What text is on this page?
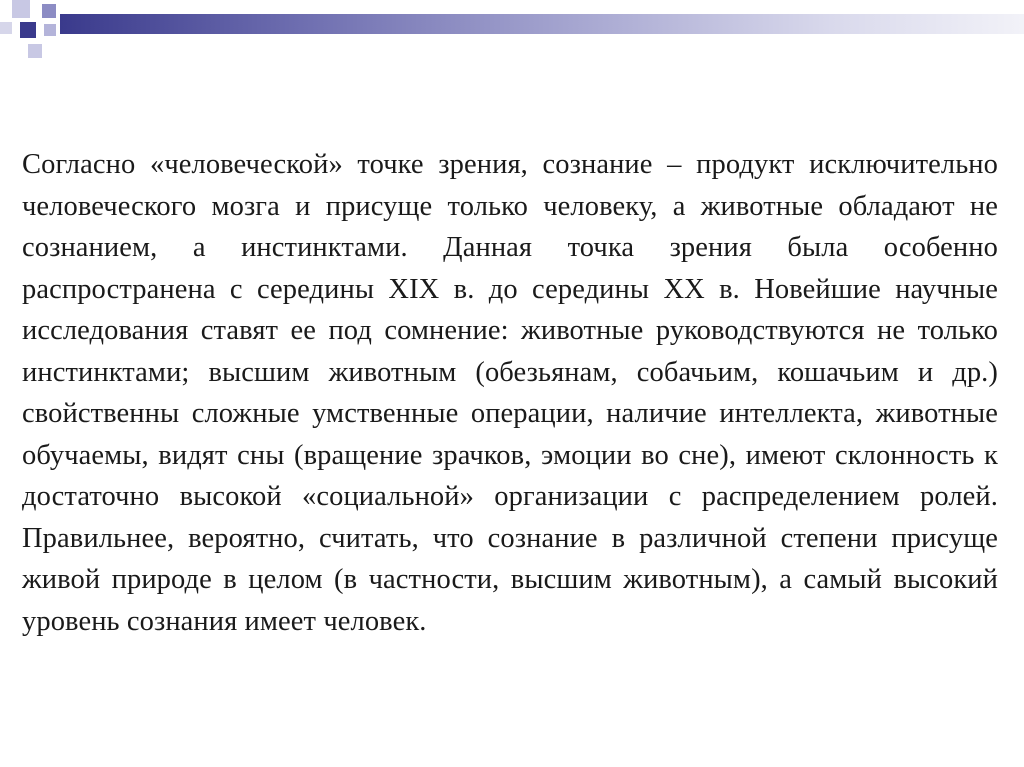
Согласно «человеческой» точке зрения, сознание – продукт исключительно человеческого мозга и присуще только человеку, а животные обладают не сознанием, а инстинктами. Данная точка зрения была особенно распространена с середины XIX в. до середины XX в. Новейшие научные исследования ставят ее под сомнение: животные руководствуются не только инстинктами; высшим животным (обезьянам, собачьим, кошачьим и др.) свойственны сложные умственные операции, наличие интеллекта, животные обучаемы, видят сны (вращение зрачков, эмоции во сне), имеют склонность к достаточно высокой «социальной» организации с распределением ролей. Правильнее, вероятно, считать, что сознание в различной степени присуще живой природе в целом (в частности, высшим животным), а самый высокий уровень сознания имеет человек.
